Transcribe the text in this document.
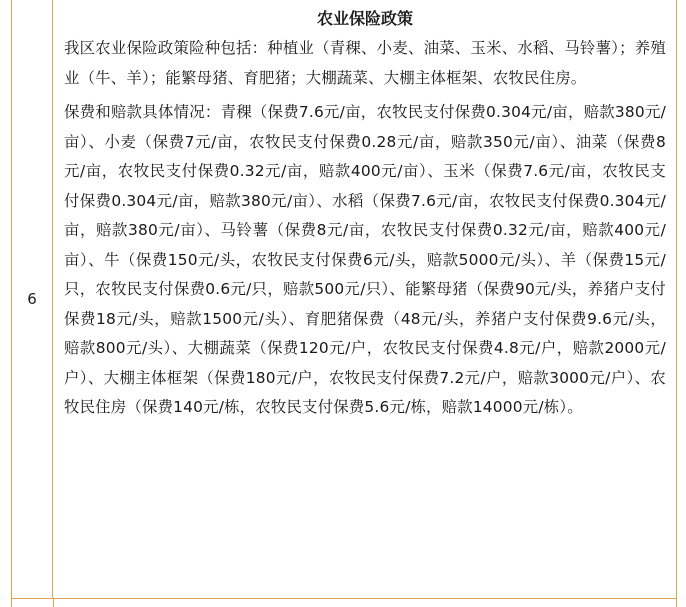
6

农业保险政策

我区农业保险政策险种包括：种植业（青稞、小麦、油菜、玉米、水稻、马铃薯）；养殖业（牛、羊）；能繁母猪、育肥猪；大棚蔬菜、大棚主体框架、农牧民住房。

保费和赔款具体情况：青稞（保费7.6元/亩，农牧民支付保费0.304元/亩，赔款380元/亩）、小麦（保费7元/亩，农牧民支付保费0.28元/亩，赔款350元/亩）、油菜（保费8元/亩，农牧民支付保费0.32元/亩，赔款400元/亩）、玉米（保费7.6元/亩，农牧民支付保费0.304元/亩，赔款380元/亩）、水稻（保费7.6元/亩，农牧民支付保费0.304元/亩，赔款380元/亩）、马铃薯（保费8元/亩，农牧民支付保费0.32元/亩，赔款400元/亩）、牛（保费150元/头，农牧民支付保费6元/头，赔款5000元/头）、羊（保费15元/只，农牧民支付保费0.6元/只，赔款500元/只）、能繁母猪（保费90元/头，养猪户支付保费18元/头，赔款1500元/头）、育肥猪保费（48元/头，养猪户支付保费9.6元/头，赔款800元/头）、大棚蔬菜（保费120元/户，农牧民支付保费4.8元/户，赔款2000元/户）、大棚主体框架（保费180元/户，农牧民支付保费7.2元/户，赔款3000元/户）、农牧民住房（保费140元/栋，农牧民支付保费5.6元/栋，赔款14000元/栋）。
